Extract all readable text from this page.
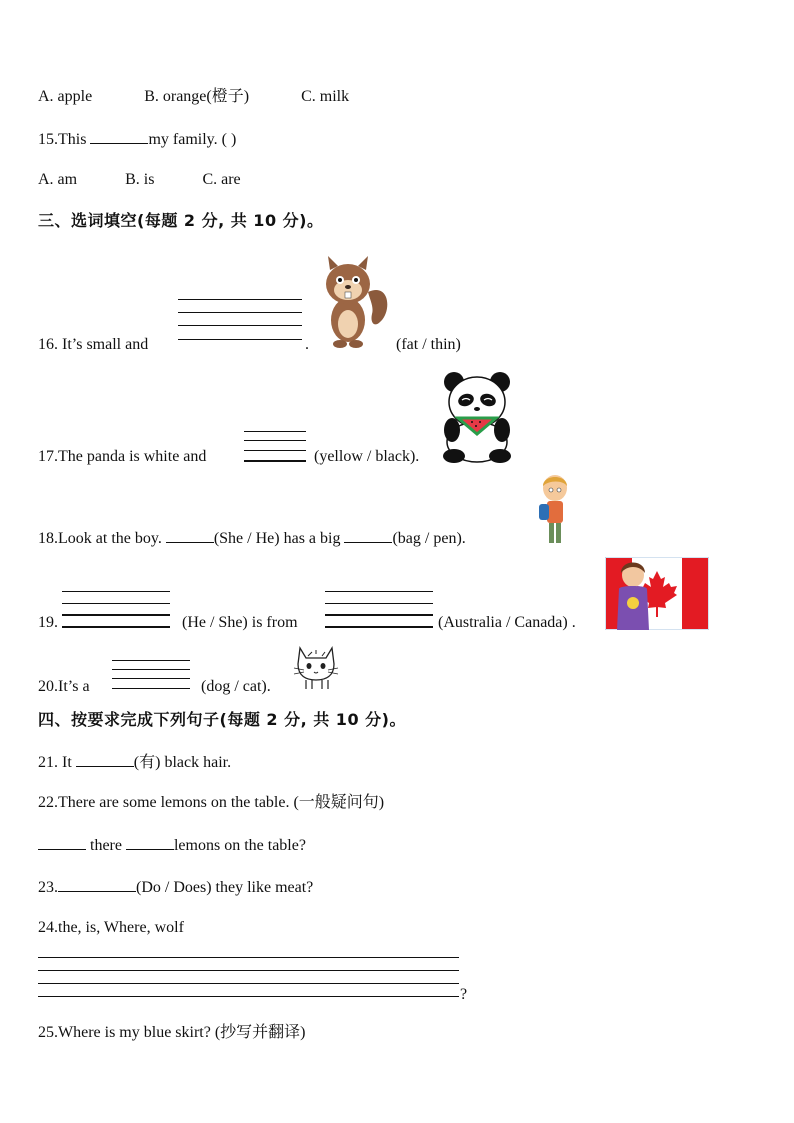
A. apple	B. orange(橙子)	C. milk
15.This	my family. ( )
A. am	B. is	C. are
三、选词填空(每题 2 分, 共 10 分)。
16. It’s small and	.	(fat / thin)
17.The panda is white and	(yellow / black).
18.Look at the boy.	(She / He) has a big	(bag / pen).
19.	(He / She) is from	(Australia / Canada) .
20.It’s a	(dog / cat).
四、按要求完成下列句子(每题 2 分, 共 10 分)。
21. It	(有) black hair.
22.There are some lemons on the table. (一般疑问句)
there	lemons on the table?
23.	(Do / Does) they like meat?
24.the, is, Where, wolf
?
25.Where is my blue skirt? (抄写并翻译)
